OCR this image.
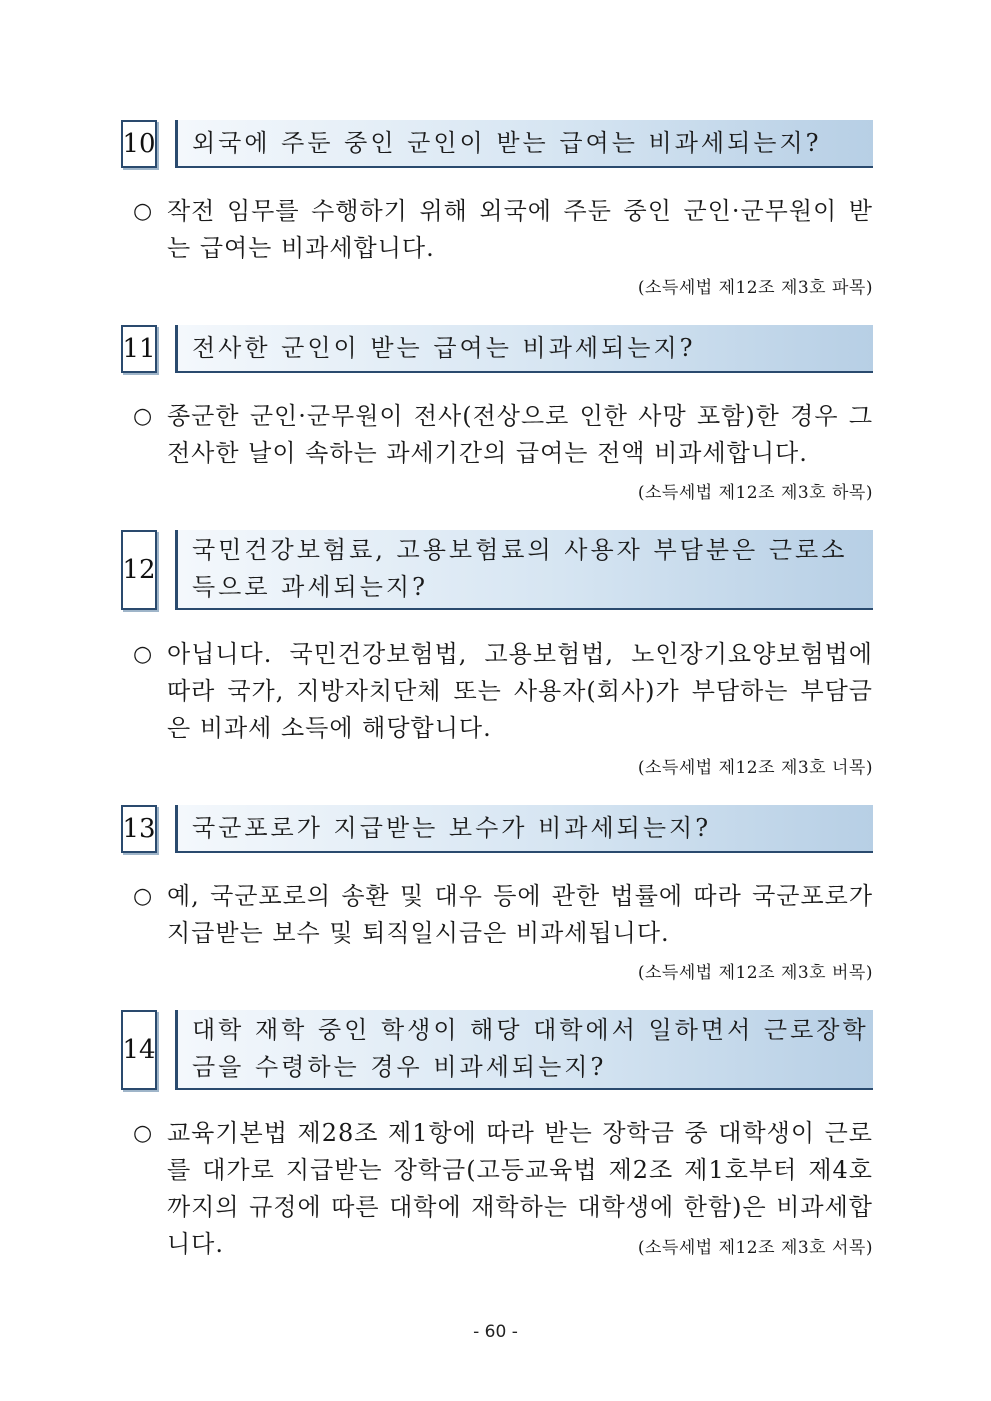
10 외국에 주둔 중인 군인이 받는 급여는 비과세되는지?
○ 작전 임무를 수행하기 위해 외국에 주둔 중인 군인·군무원이 받는 급여는 비과세합니다.
(소득세법 제12조 제3호 파목)
11 전사한 군인이 받는 급여는 비과세되는지?
○ 종군한 군인·군무원이 전사(전상으로 인한 사망 포함)한 경우 그 전사한 날이 속하는 과세기간의 급여는 전액 비과세합니다.
(소득세법 제12조 제3호 하목)
12
국민건강보험료, 고용보험료의 사용자 부담분은 근로소득으로 과세되는지?
○ 아닙니다. 국민건강보험법, 고용보험법, 노인장기요양보험법에 따라 국가, 지방자치단체 또는 사용자(회사)가 부담하는 부담금은 비과세 소득에 해당합니다.
(소득세법 제12조 제3호 너목)
13 국군포로가 지급받는 보수가 비과세되는지?
○ 예, 국군포로의 송환 및 대우 등에 관한 법률에 따라 국군포로가 지급받는 보수 및 퇴직일시금은 비과세됩니다.
(소득세법 제12조 제3호 버목)
14
대학 재학 중인 학생이 해당 대학에서 일하면서 근로장학금을 수령하는 경우 비과세되는지?
○ 교육기본법 제28조 제1항에 따라 받는 장학금 중 대학생이 근로를 대가로 지급받는 장학금(고등교육법 제2조 제1호부터 제4호까지의 규정에 따른 대학에 재학하는 대학생에 한함)은 비과세합니다.	(소득세법 제12조 제3호 서목)
- 60 -
